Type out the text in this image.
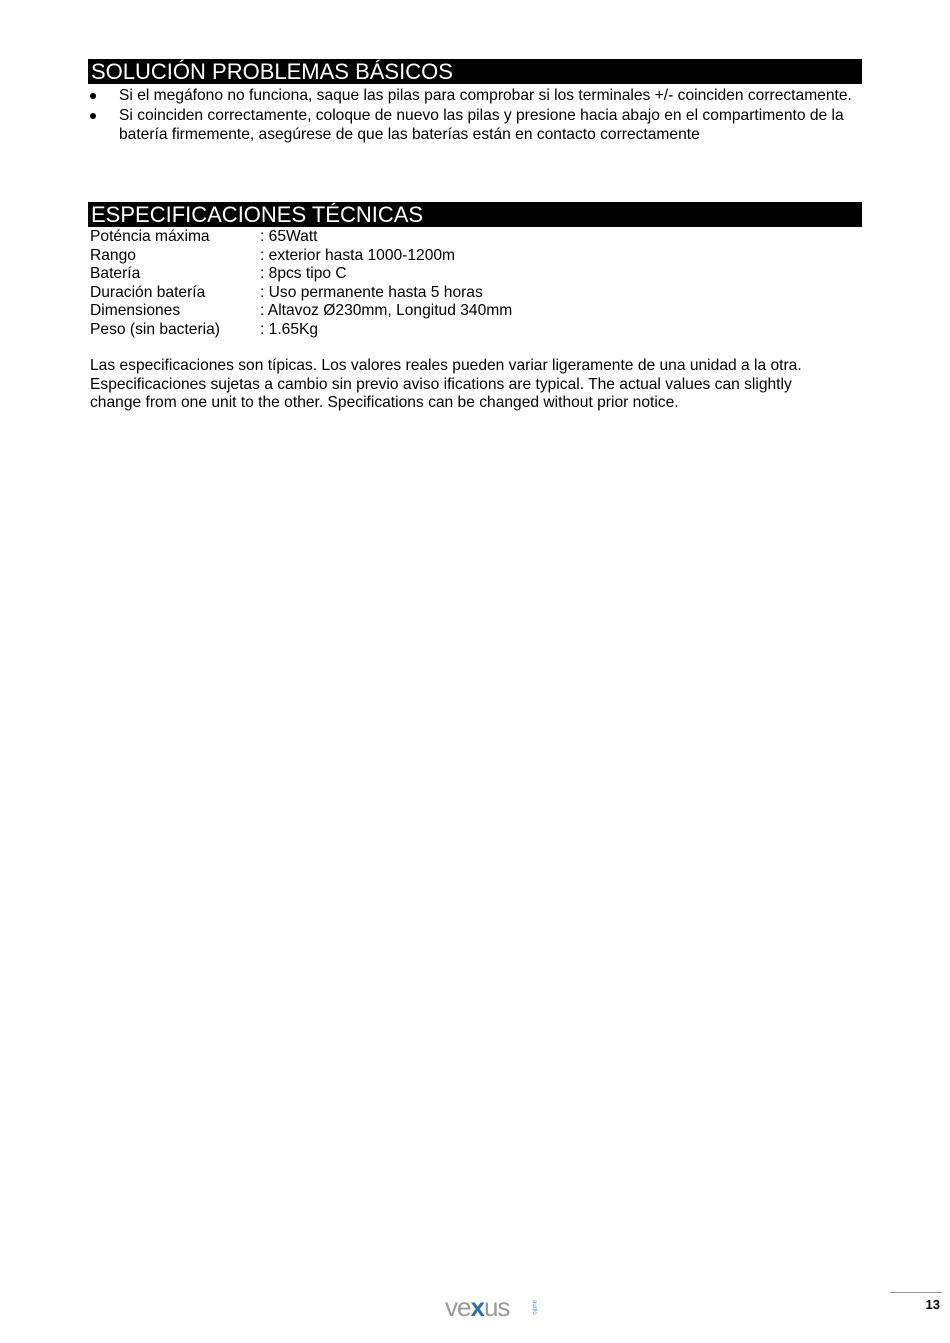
SOLUCIÓN PROBLEMAS BÁSICOS
Si el megáfono no funciona, saque las pilas para comprobar si los terminales +/- coinciden correctamente.
Si coinciden correctamente, coloque de nuevo las pilas y presione hacia abajo en el compartimento de la batería firmemente, asegúrese de que las baterías están en contacto correctamente
ESPECIFICACIONES TÉCNICAS
Poténcia máxima	: 65Watt
Rango	: exterior hasta 1000-1200m
Batería	: 8pcs tipo C
Duración batería	: Uso permanente hasta 5 horas
Dimensiones	: Altavoz Ø230mm, Longitud 340mm
Peso (sin bacteria)	: 1.65Kg
Las especificaciones son típicas. Los valores reales pueden variar ligeramente de una unidad a la otra. Especificaciones sujetas a cambio sin previo aviso ifications are typical. The actual values can slightly change from one unit to the other. Specifications can be changed without prior notice.
vexus	audio	13
